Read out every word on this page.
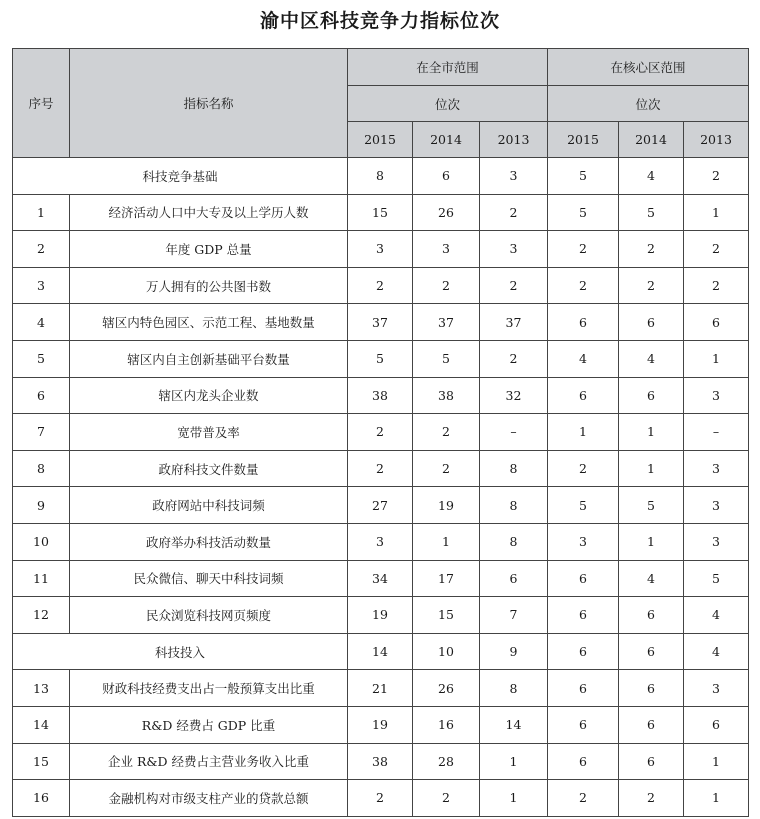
渝中区科技竞争力指标位次
序号	指标名称	在全市范围			在核心区范围		
		位次			位次		
		2015	2014	2013	2015	2014	2013
科技竞争基础		8	6	3	5	4	2
1	经济活动人口中大专及以上学历人数	15	26	2	5	5	1
2	年度 GDP 总量	3	3	3	2	2	2
3	万人拥有的公共图书数	2	2	2	2	2	2
4	辖区内特色园区、示范工程、基地数量	37	37	37	6	6	6
5	辖区内自主创新基础平台数量	5	5	2	4	4	1
6	辖区内龙头企业数	38	38	32	6	6	3
7	宽带普及率	2	2	–	1	1	–
8	政府科技文件数量	2	2	8	2	1	3
9	政府网站中科技词频	27	19	8	5	5	3
10	政府举办科技活动数量	3	1	8	3	1	3
11	民众微信、聊天中科技词频	34	17	6	6	4	5
12	民众浏览科技网页频度	19	15	7	6	6	4
科技投入		14	10	9	6	6	4
13	财政科技经费支出占一般预算支出比重	21	26	8	6	6	3
14	R&D 经费占 GDP 比重	19	16	14	6	6	6
15	企业 R&D 经费占主营业务收入比重	38	28	1	6	6	1
16	金融机构对市级支柱产业的贷款总额	2	2	1	2	2	1
